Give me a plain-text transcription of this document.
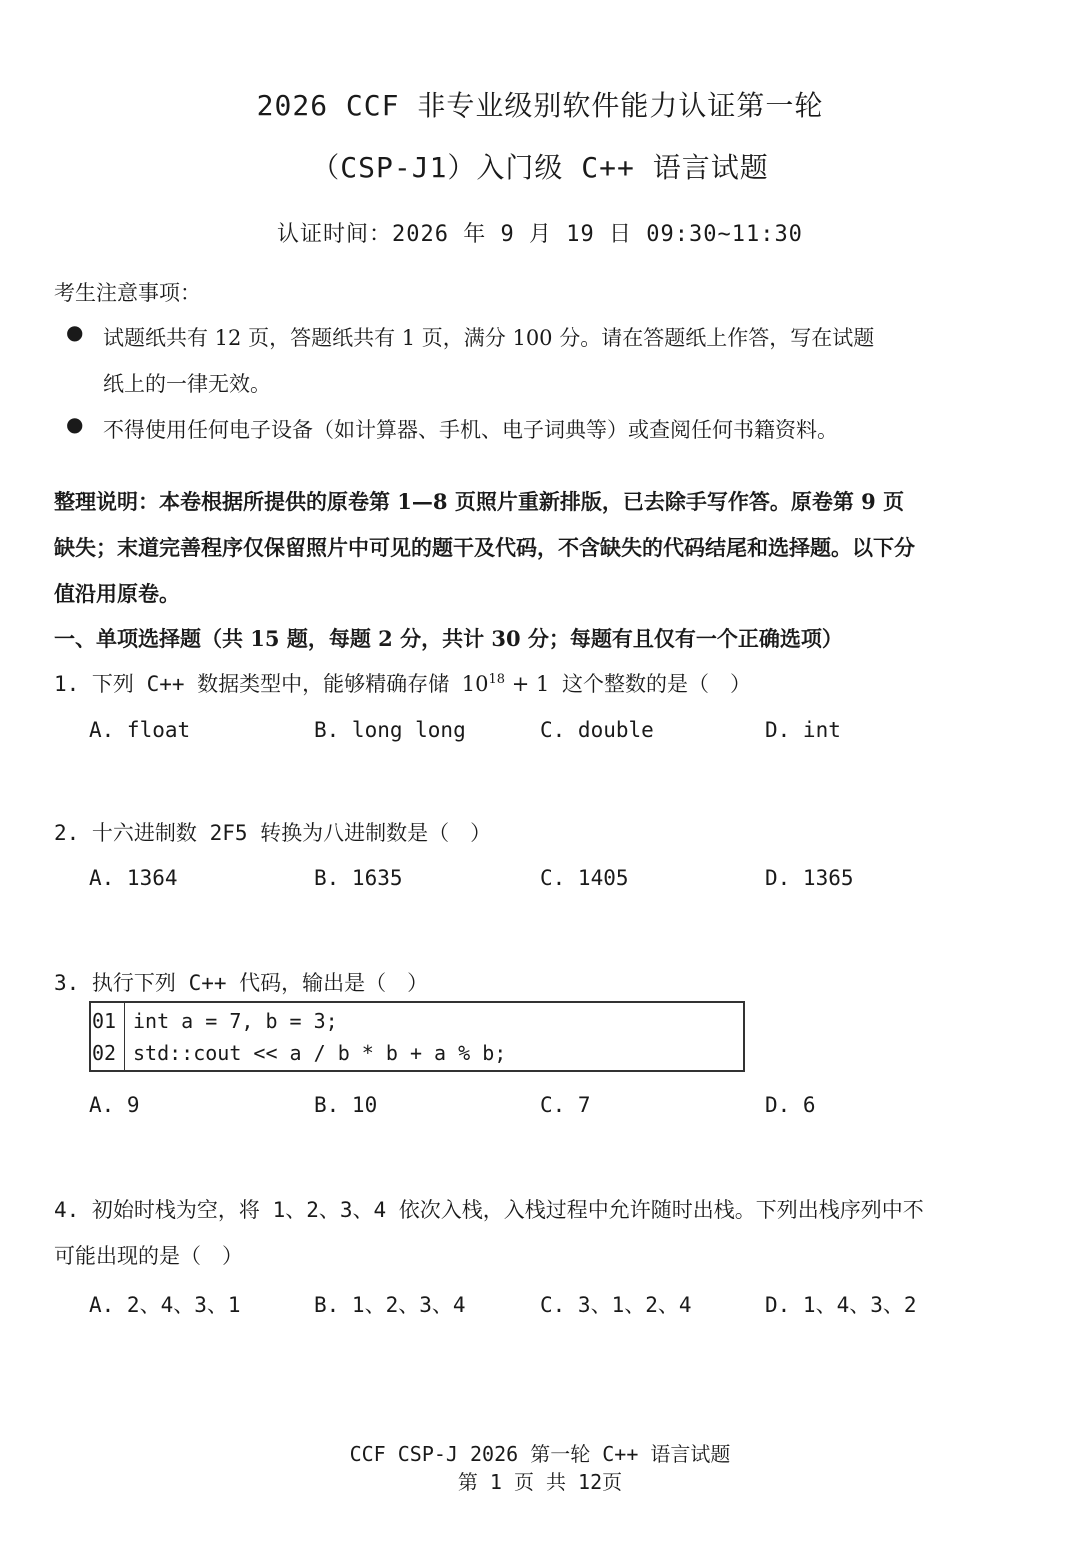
2026 CCF 非专业级别软件能力认证第一轮
（CSP-J1）入门级 C++ 语言试题
认证时间：2026 年 9 月 19 日 09:30~11:30
考生注意事项：
● 试题纸共有 12 页，答题纸共有 1 页，满分 100 分。请在答题纸上作答，写在试题
纸上的一律无效。
● 不得使用任何电子设备（如计算器、手机、电子词典等）或查阅任何书籍资料。
整理说明：本卷根据所提供的原卷第 1—8 页照片重新排版，已去除手写作答。原卷第 9 页
缺失；末道完善程序仅保留照片中可见的题干及代码，不含缺失的代码结尾和选择题。以下分
值沿用原卷。
一、单项选择题（共 15 题，每题 2 分，共计 30 分；每题有且仅有一个正确选项）
1. 下列 C++ 数据类型中，能够精确存储 $10^{18} + 1$ 这个整数的是（　）
A. float	B. long long	C. double	D. int
2. 十六进制数 2F5 转换为八进制数是（　）
A. 1364	B. 1635	C. 1405	D. 1365
3. 执行下列 C++ 代码，输出是（　）
01 int a = 7, b = 3;
02 std::cout << a / b * b + a % b;
A. 9	B. 10	C. 7	D. 6
4. 初始时栈为空，将 1、2、3、4 依次入栈，入栈过程中允许随时出栈。下列出栈序列中不
可能出现的是（　）
A. 2、4、3、1	B. 1、2、3、4	C. 3、1、2、4	D. 1、4、3、2
CCF CSP-J 2026 第一轮 C++ 语言试题
第 1 页 共 12页
